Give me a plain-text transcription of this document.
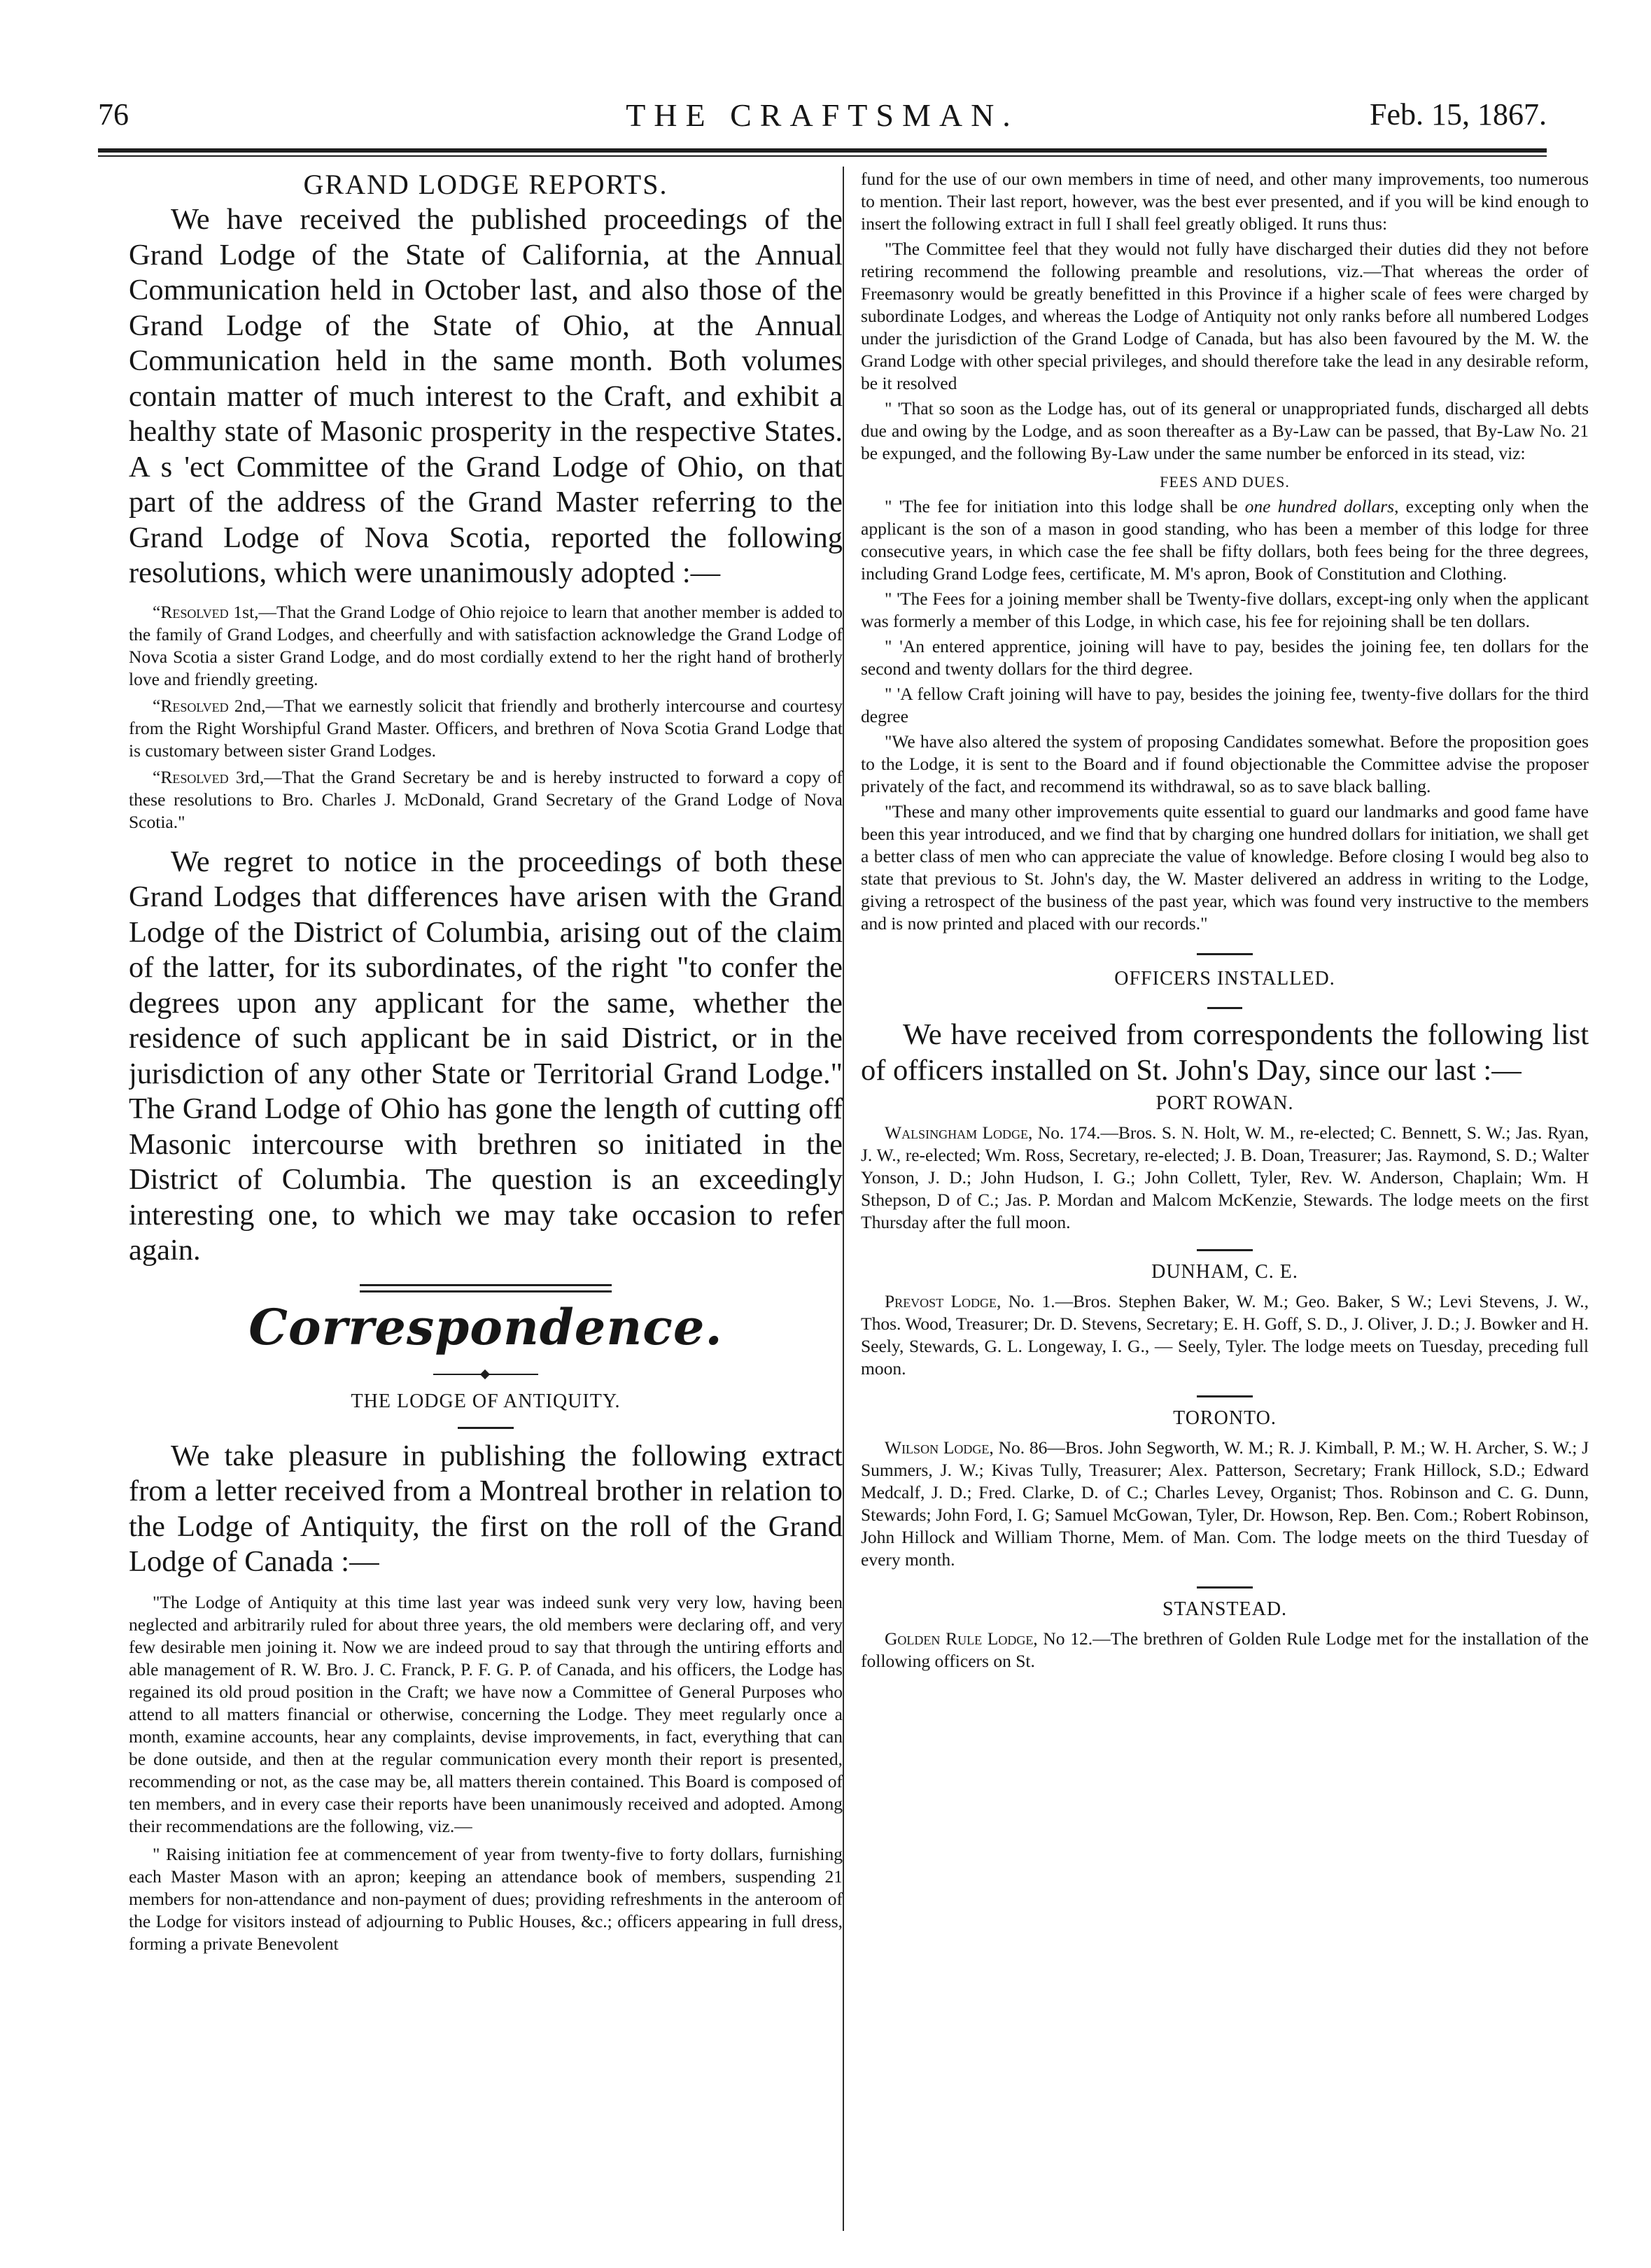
76	THE CRAFTSMAN.	Feb. 15, 1867.
GRAND LODGE REPORTS.

We have received the published proceedings of the Grand Lodge of the State of California, at the Annual Communication held in October last, and also those of the Grand Lodge of the State of Ohio, at the Annual Communication held in the same month. Both volumes contain matter of much interest to the Craft, and exhibit a healthy state of Masonic prosperity in the respective States. A s 'ect Committee of the Grand Lodge of Ohio, on that part of the address of the Grand Master referring to the Grand Lodge of Nova Scotia, reported the following resolutions, which were unanimously adopted :—

“Resolved 1st,—That the Grand Lodge of Ohio rejoice to learn that another member is added to the family of Grand Lodges, and cheerfully and with satisfaction acknowledge the Grand Lodge of Nova Scotia a sister Grand Lodge, and do most cordially extend to her the right hand of brotherly love and friendly greeting.

“Resolved 2nd,—That we earnestly solicit that friendly and brotherly intercourse and courtesy from the Right Worshipful Grand Master. Officers, and brethren of Nova Scotia Grand Lodge that is customary between sister Grand Lodges.

“Resolved 3rd,—That the Grand Secretary be and is hereby instructed to forward a copy of these resolutions to Bro. Charles J. McDonald, Grand Secretary of the Grand Lodge of Nova Scotia."

We regret to notice in the proceedings of both these Grand Lodges that differences have arisen with the Grand Lodge of the District of Columbia, arising out of the claim of the latter, for its subordinates, of the right "to confer the degrees upon any applicant for the same, whether the residence of such applicant be in said District, or in the jurisdiction of any other State or Territorial Grand Lodge." The Grand Lodge of Ohio has gone the length of cutting off Masonic intercourse with brethren so initiated in the District of Columbia. The question is an exceedingly interesting one, to which we may take occasion to refer again.

Correspondence.

THE LODGE OF ANTIQUITY.

We take pleasure in publishing the following extract from a letter received from a Montreal brother in relation to the Lodge of Antiquity, the first on the roll of the Grand Lodge of Canada :—

"The Lodge of Antiquity at this time last year was indeed sunk very very low, having been neglected and arbitrarily ruled for about three years, the old members were declaring off, and very few desirable men joining it. Now we are indeed proud to say that through the untiring efforts and able management of R. W. Bro. J. C. Franck, P. F. G. P. of Canada, and his officers, the Lodge has regained its old proud position in the Craft; we have now a Committee of General Purposes who attend to all matters financial or otherwise, concerning the Lodge. They meet regularly once a month, examine accounts, hear any complaints, devise improvements, in fact, everything that can be done outside, and then at the regular communication every month their report is presented, recommending or not, as the case may be, all matters therein contained. This Board is composed of ten members, and in every case their reports have been unanimously received and adopted. Among their recommendations are the following, viz.—

" Raising initiation fee at commencement of year from twenty-five to forty dollars, furnishing each Master Mason with an apron; keeping an attendance book of members, suspending 21 members for non-attendance and non-payment of dues; providing refreshments in the anteroom of the Lodge for visitors instead of adjourning to Public Houses, &c.; officers appearing in full dress, forming a private Benevolent

fund for the use of our own members in time of need, and other many improvements, too numerous to mention. Their last report, however, was the best ever presented, and if you will be kind enough to insert the following extract in full I shall feel greatly obliged. It runs thus:

"The Committee feel that they would not fully have discharged their duties did they not before retiring recommend the following preamble and resolutions, viz.—That whereas the order of Freemasonry would be greatly benefitted in this Province if a higher scale of fees were charged by subordinate Lodges, and whereas the Lodge of Antiquity not only ranks before all numbered Lodges under the jurisdiction of the Grand Lodge of Canada, but has also been favoured by the M. W. the Grand Lodge with other special privileges, and should therefore take the lead in any desirable reform, be it resolved

" 'That so soon as the Lodge has, out of its general or unappropriated funds, discharged all debts due and owing by the Lodge, and as soon thereafter as a By-Law can be passed, that By-Law No. 21 be expunged, and the following By-Law under the same number be enforced in its stead, viz:

FEES AND DUES.

" 'The fee for initiation into this lodge shall be one hundred dollars, excepting only when the applicant is the son of a mason in good standing, who has been a member of this lodge for three consecutive years, in which case the fee shall be fifty dollars, both fees being for the three degrees, including Grand Lodge fees, certificate, M. M's apron, Book of Constitution and Clothing.

" 'The Fees for a joining member shall be Twenty-five dollars, except-ing only when the applicant was formerly a member of this Lodge, in which case, his fee for rejoining shall be ten dollars.

" 'An entered apprentice, joining will have to pay, besides the joining fee, ten dollars for the second and twenty dollars for the third degree.

" 'A fellow Craft joining will have to pay, besides the joining fee, twenty-five dollars for the third degree

"We have also altered the system of proposing Candidates somewhat. Before the proposition goes to the Lodge, it is sent to the Board and if found objectionable the Committee advise the proposer privately of the fact, and recommend its withdrawal, so as to save black balling.

"These and many other improvements quite essential to guard our landmarks and good fame have been this year introduced, and we find that by charging one hundred dollars for initiation, we shall get a better class of men who can appreciate the value of knowledge. Before closing I would beg also to state that previous to St. John's day, the W. Master delivered an address in writing to the Lodge, giving a retrospect of the business of the past year, which was found very instructive to the members and is now printed and placed with our records."

OFFICERS INSTALLED.

We have received from correspondents the following list of officers installed on St. John's Day, since our last :—

PORT ROWAN.

Walsingham Lodge, No. 174.—Bros. S. N. Holt, W. M., re-elected; C. Bennett, S. W.; Jas. Ryan, J. W., re-elected; Wm. Ross, Secretary, re-elected; J. B. Doan, Treasurer; Jas. Raymond, S. D.; Walter Yonson, J. D.; John Hudson, I. G.; John Collett, Tyler, Rev. W. Anderson, Chaplain; Wm. H Sthepson, D of C.; Jas. P. Mordan and Malcom McKenzie, Stewards. The lodge meets on the first Thursday after the full moon.

DUNHAM, C. E.

Prevost Lodge, No. 1.—Bros. Stephen Baker, W. M.; Geo. Baker, S W.; Levi Stevens, J. W., Thos. Wood, Treasurer; Dr. D. Stevens, Secretary; E. H. Goff, S. D., J. Oliver, J. D.; J. Bowker and H. Seely, Stewards, G. L. Longeway, I. G., — Seely, Tyler. The lodge meets on Tuesday, preceding full moon.

TORONTO.

Wilson Lodge, No. 86—Bros. John Segworth, W. M.; R. J. Kimball, P. M.; W. H. Archer, S. W.; J Summers, J. W.; Kivas Tully, Treasurer; Alex. Patterson, Secretary; Frank Hillock, S.D.; Edward Medcalf, J. D.; Fred. Clarke, D. of C.; Charles Levey, Organist; Thos. Robinson and C. G. Dunn, Stewards; John Ford, I. G; Samuel McGowan, Tyler, Dr. Howson, Rep. Ben. Com.; Robert Robinson, John Hillock and William Thorne, Mem. of Man. Com. The lodge meets on the third Tuesday of every month.

STANSTEAD.

Golden Rule Lodge, No 12.—The brethren of Golden Rule Lodge met for the installation of the following officers on St.
